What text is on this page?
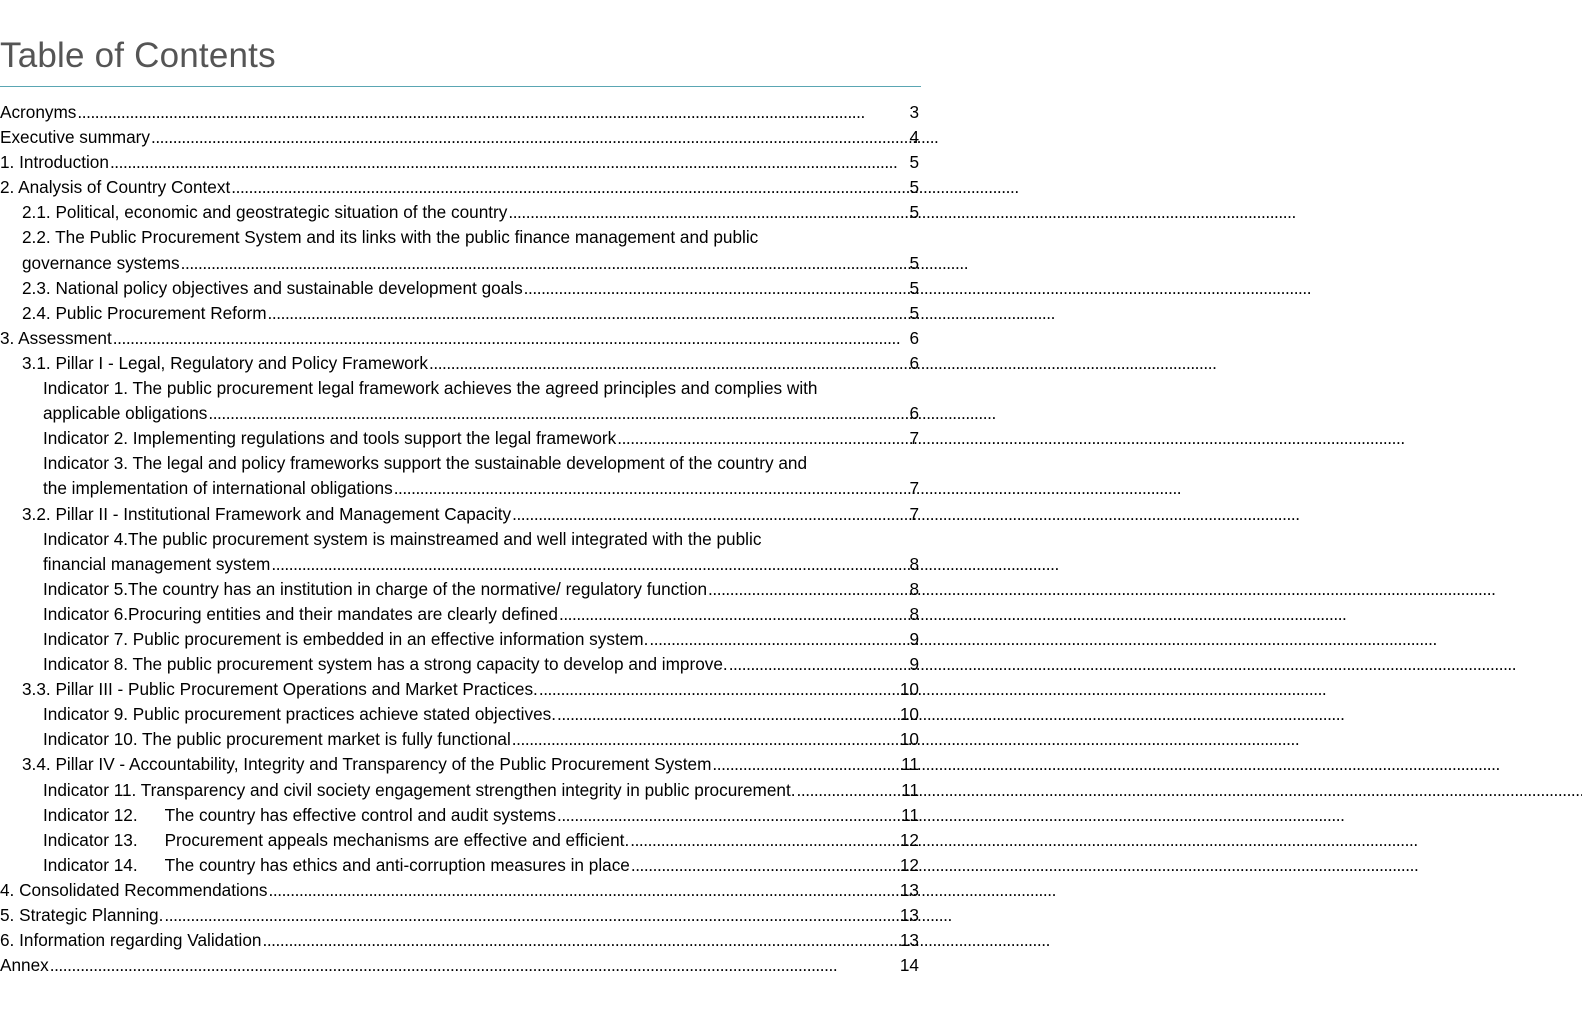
Table of Contents
Acronyms . . .	3
Executive summary . . .	4
1. Introduction . . .	5
2. Analysis of Country Context . . .	5
2.1. Political, economic and geostrategic situation of the country . . .	5
2.2. The Public Procurement System and its links with the public finance management and public
governance systems . . .	5
2.3. National policy objectives and sustainable development goals . . .	5
2.4. Public Procurement Reform . . .	5
3. Assessment . . .	6
3.1. Pillar I - Legal, Regulatory and Policy Framework . . .	6
Indicator 1. The public procurement legal framework achieves the agreed principles and complies with
applicable obligations . . .	6
Indicator 2. Implementing regulations and tools support the legal framework . . .	7
Indicator 3. The legal and policy frameworks support the sustainable development of the country and
the implementation of international obligations . . .	7
3.2. Pillar II - Institutional Framework and Management Capacity . . .	7
Indicator 4.The public procurement system is mainstreamed and well integrated with the public
financial management system . . .	8
Indicator 5.The country has an institution in charge of the normative/ regulatory function . . .	8
Indicator 6.Procuring entities and their mandates are clearly defined . . .	8
Indicator 7. Public procurement is embedded in an effective information system. . . .	9
Indicator 8. The public procurement system has a strong capacity to develop and improve. . . .	9
3.3. Pillar III - Public Procurement Operations and Market Practices. . . .	10
Indicator 9. Public procurement practices achieve stated objectives. . . .	10
Indicator 10. The public procurement market is fully functional . . .	10
3.4. Pillar IV - Accountability, Integrity and Transparency of the Public Procurement System . . .	11
Indicator 11. Transparency and civil society engagement strengthen integrity in public procurement. . . .	11
Indicator 12. The country has effective control and audit systems . . .	11
Indicator 13. Procurement appeals mechanisms are effective and efficient. . . .	12
Indicator 14. The country has ethics and anti-corruption measures in place . . .	12
4. Consolidated Recommendations . . .	13
5. Strategic Planning. . . .	13
6. Information regarding Validation . . .	13
Annex . . .	14
